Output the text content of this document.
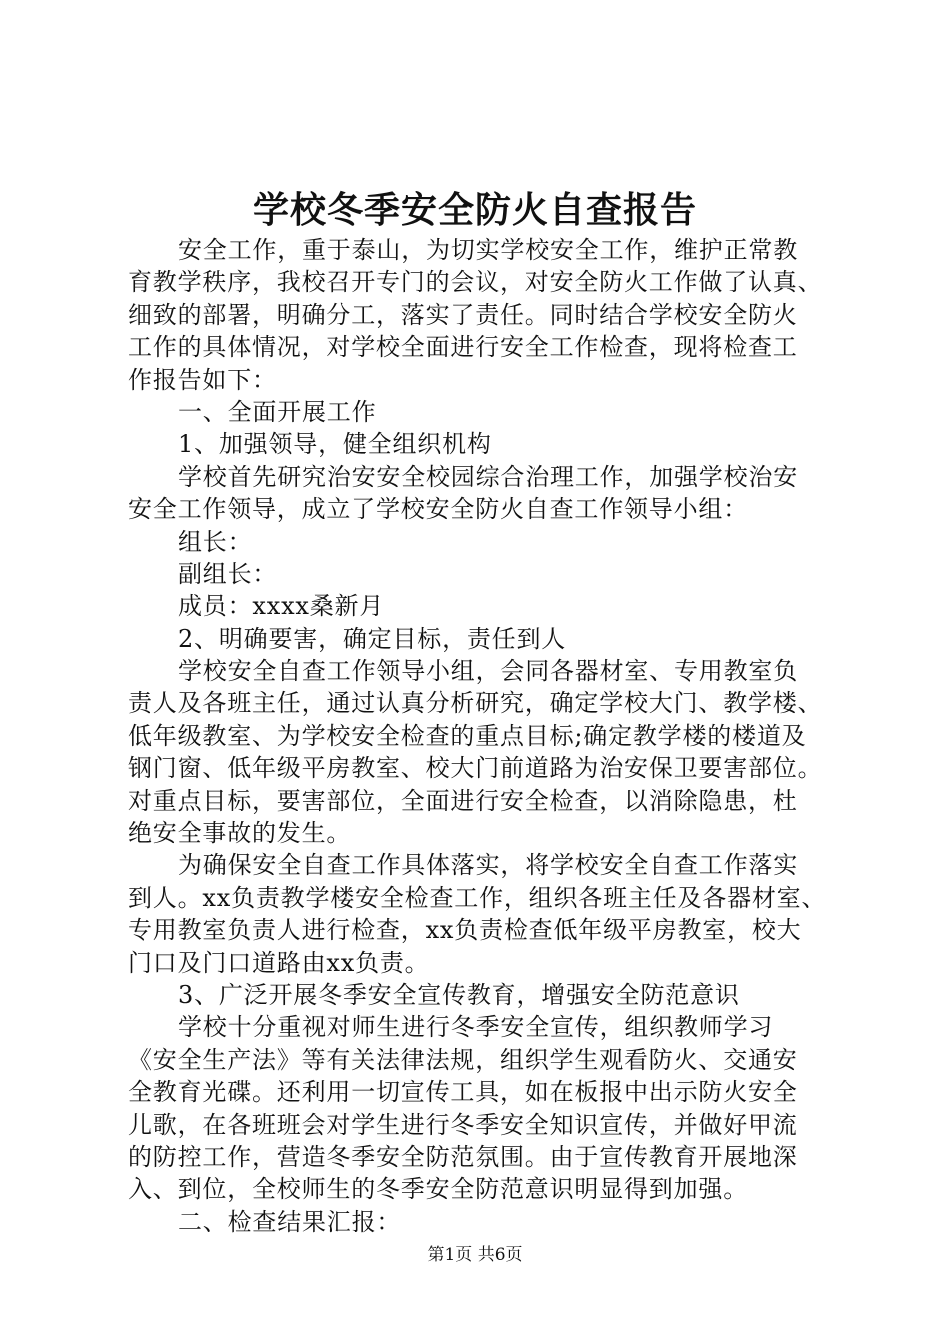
学校冬季安全防火自查报告
安全工作，重于泰山，为切实学校安全工作，维护正常教
育教学秩序，我校召开专门的会议，对安全防火工作做了认真、
细致的部署，明确分工，落实了责任。同时结合学校安全防火
工作的具体情况，对学校全面进行安全工作检查，现将检查工
作报告如下：
一、全面开展工作
1、加强领导，健全组织机构
学校首先研究治安安全校园综合治理工作，加强学校治安
安全工作领导，成立了学校安全防火自查工作领导小组：
组长：
副组长：
成员：xxxx桑新月
2、明确要害，确定目标，责任到人
学校安全自查工作领导小组，会同各器材室、专用教室负
责人及各班主任，通过认真分析研究，确定学校大门、教学楼、
低年级教室、为学校安全检查的重点目标;确定教学楼的楼道及
钢门窗、低年级平房教室、校大门前道路为治安保卫要害部位。
对重点目标，要害部位，全面进行安全检查，以消除隐患，杜
绝安全事故的发生。
为确保安全自查工作具体落实，将学校安全自查工作落实
到人。xx负责教学楼安全检查工作，组织各班主任及各器材室、
专用教室负责人进行检查，xx负责检查低年级平房教室，校大
门口及门口道路由xx负责。
3、广泛开展冬季安全宣传教育，增强安全防范意识
学校十分重视对师生进行冬季安全宣传，组织教师学习
《安全生产法》等有关法律法规，组织学生观看防火、交通安
全教育光碟。还利用一切宣传工具，如在板报中出示防火安全
儿歌，在各班班会对学生进行冬季安全知识宣传，并做好甲流
的防控工作，营造冬季安全防范氛围。由于宣传教育开展地深
入、到位，全校师生的冬季安全防范意识明显得到加强。
二、检查结果汇报：
第1页 共6页
